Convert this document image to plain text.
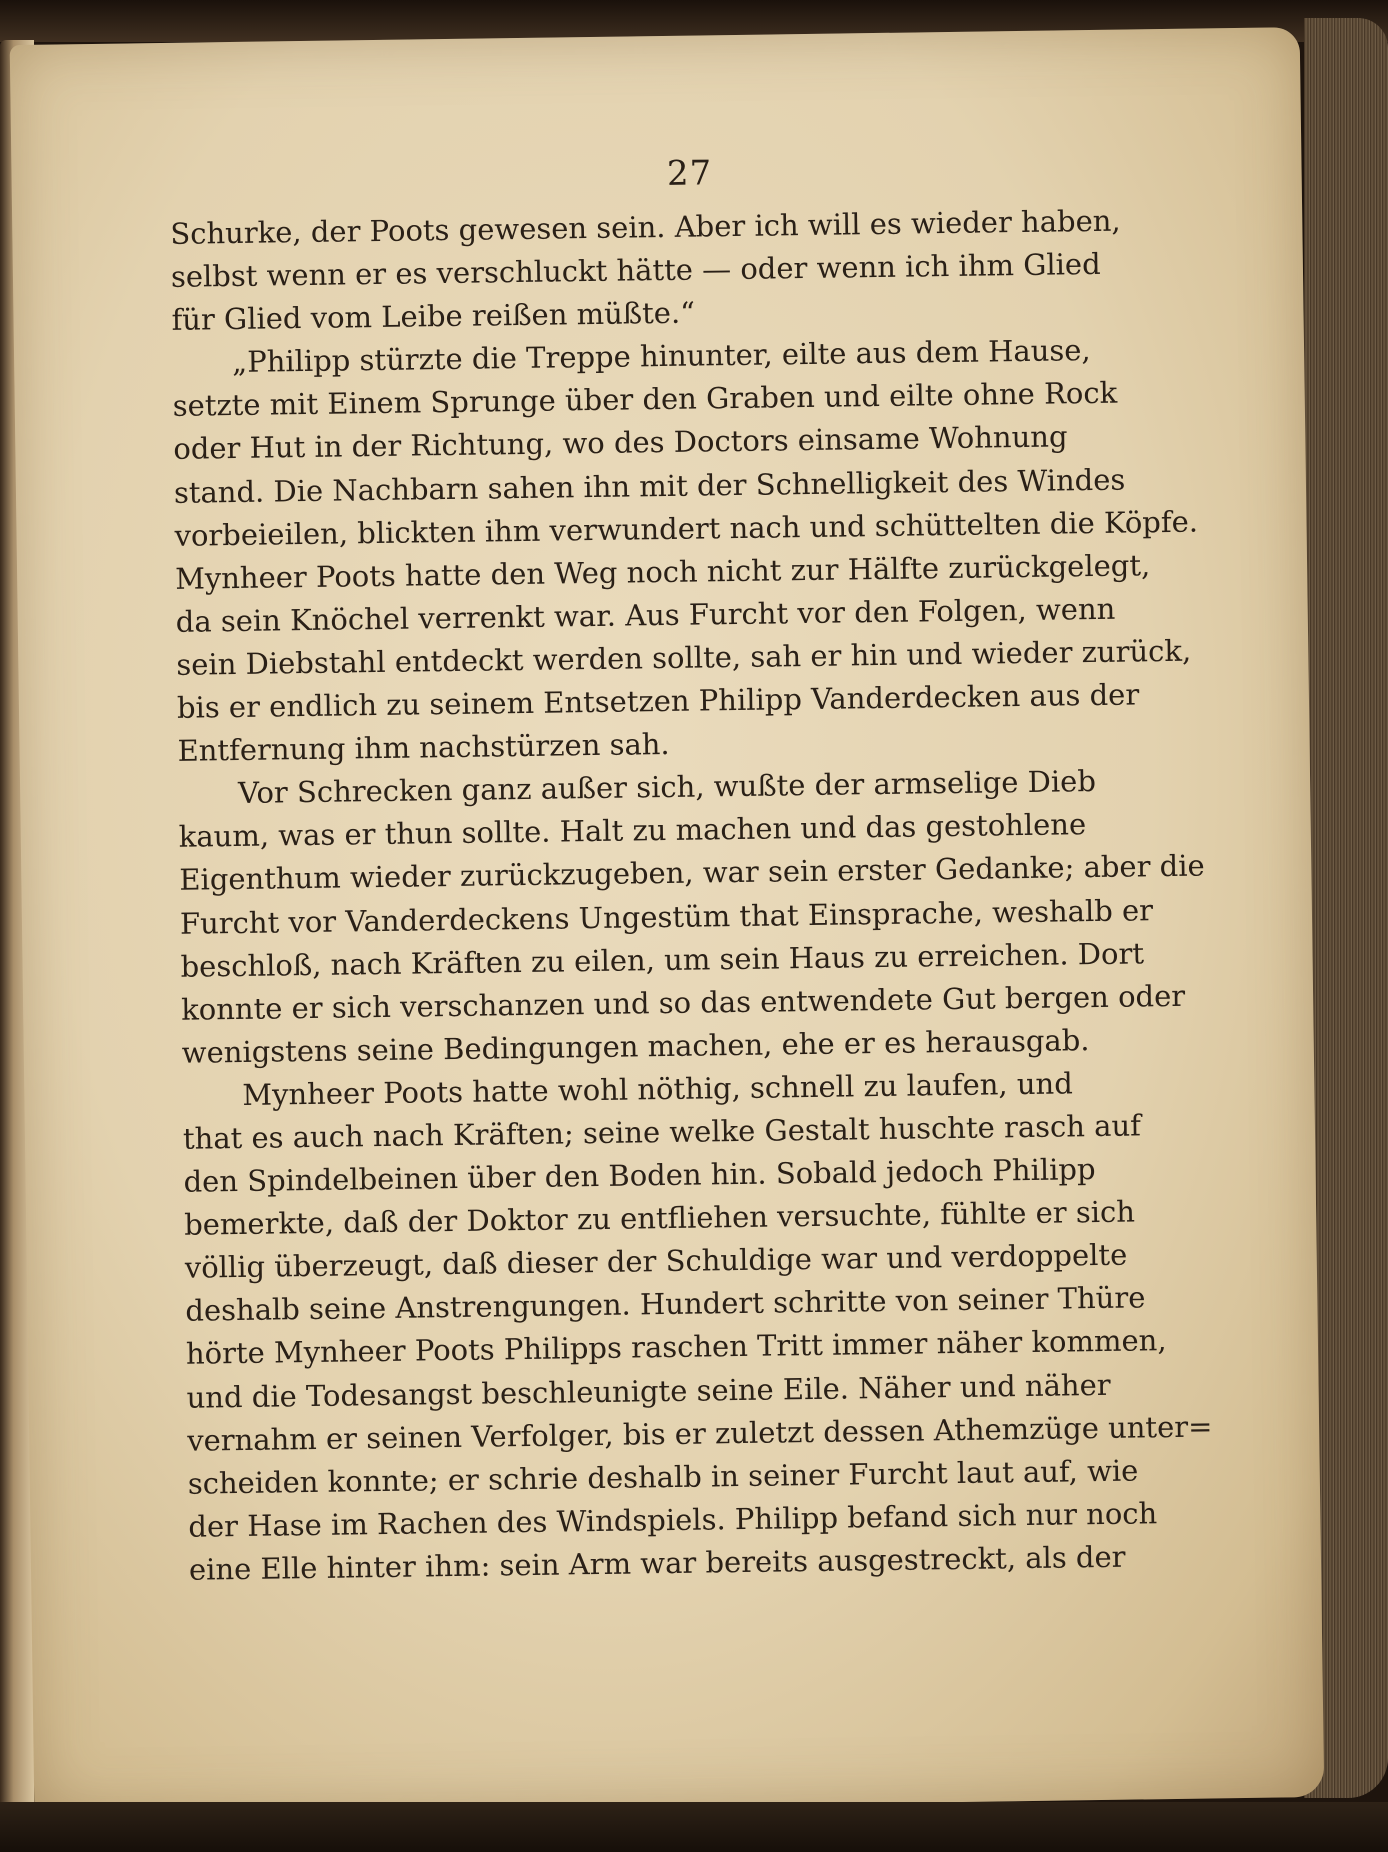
27
Schurke, der Poots gewesen sein. Aber ich will es wieder haben,
selbst wenn er es verschluckt hätte — oder wenn ich ihm Glied
für Glied vom Leibe reißen müßte.“
„Philipp stürzte die Treppe hinunter, eilte aus dem Hause,
setzte mit Einem Sprunge über den Graben und eilte ohne Rock
oder Hut in der Richtung, wo des Doctors einsame Wohnung
stand. Die Nachbarn sahen ihn mit der Schnelligkeit des Windes
vorbeieilen, blickten ihm verwundert nach und schüttelten die Köpfe.
Mynheer Poots hatte den Weg noch nicht zur Hälfte zurückgelegt,
da sein Knöchel verrenkt war. Aus Furcht vor den Folgen, wenn
sein Diebstahl entdeckt werden sollte, sah er hin und wieder zurück,
bis er endlich zu seinem Entsetzen Philipp Vanderdecken aus der
Entfernung ihm nachstürzen sah.
Vor Schrecken ganz außer sich, wußte der armselige Dieb
kaum, was er thun sollte. Halt zu machen und das gestohlene
Eigenthum wieder zurückzugeben, war sein erster Gedanke; aber die
Furcht vor Vanderdeckens Ungestüm that Einsprache, weshalb er
beschloß, nach Kräften zu eilen, um sein Haus zu erreichen. Dort
konnte er sich verschanzen und so das entwendete Gut bergen oder
wenigstens seine Bedingungen machen, ehe er es herausgab.
Mynheer Poots hatte wohl nöthig, schnell zu laufen, und
that es auch nach Kräften; seine welke Gestalt huschte rasch auf
den Spindelbeinen über den Boden hin. Sobald jedoch Philipp
bemerkte, daß der Doktor zu entfliehen versuchte, fühlte er sich
völlig überzeugt, daß dieser der Schuldige war und verdoppelte
deshalb seine Anstrengungen. Hundert schritte von seiner Thüre
hörte Mynheer Poots Philipps raschen Tritt immer näher kommen,
und die Todesangst beschleunigte seine Eile. Näher und näher
vernahm er seinen Verfolger, bis er zuletzt dessen Athemzüge unter=
scheiden konnte; er schrie deshalb in seiner Furcht laut auf, wie
der Hase im Rachen des Windspiels. Philipp befand sich nur noch
eine Elle hinter ihm: sein Arm war bereits ausgestreckt, als der
